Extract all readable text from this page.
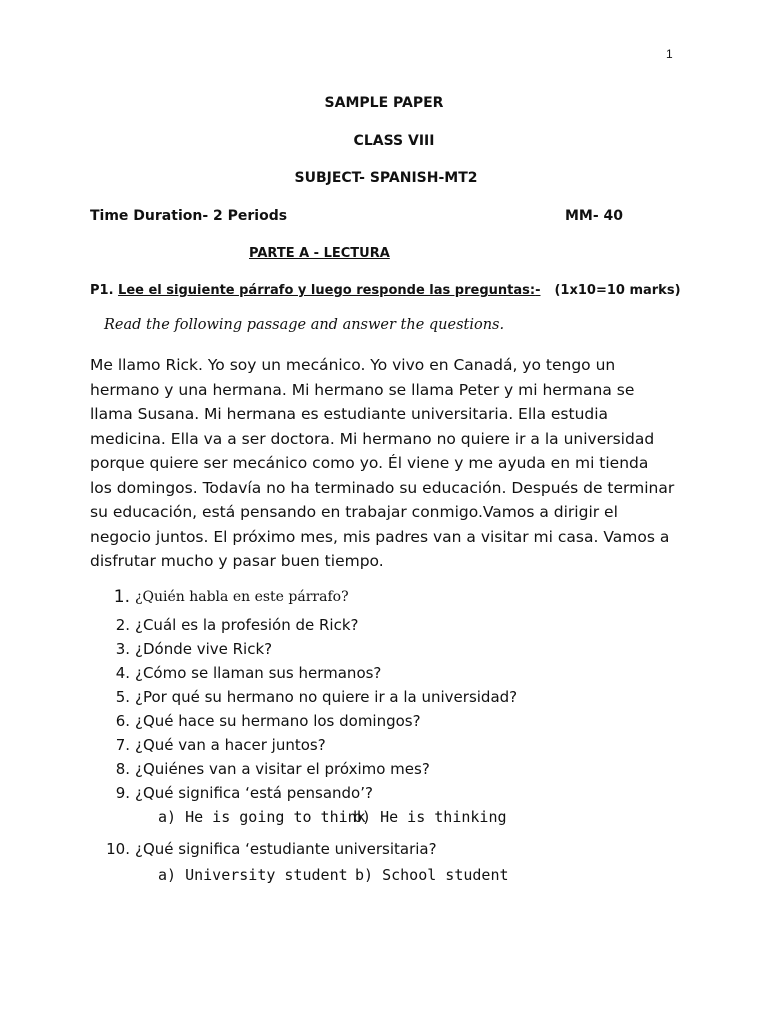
1
SAMPLE PAPER
CLASS VIII
SUBJECT- SPANISH-MT2
Time Duration- 2 Periods	MM- 40
PARTE A - LECTURA
P1. Lee el siguiente párrafo y luego responde las preguntas:- (1x10=10 marks)
Read the following passage and answer the questions.
Me llamo Rick. Yo soy un mecánico. Yo vivo en Canadá, yo tengo un
hermano y una hermana. Mi hermano se llama Peter y mi hermana se
llama Susana. Mi hermana es estudiante universitaria. Ella estudia
medicina. Ella va a ser doctora. Mi hermano no quiere ir a la universidad
porque quiere ser mecánico como yo. Él viene y me ayuda en mi tienda
los domingos. Todavía no ha terminado su educación. Después de terminar
su educación, está pensando en trabajar conmigo.Vamos a dirigir el
negocio juntos. El próximo mes, mis padres van a visitar mi casa. Vamos a
disfrutar mucho y pasar buen tiempo.
1. ¿Quién habla en este párrafo?
2. ¿Cuál es la profesión de Rick?
3. ¿Dónde vive Rick?
4. ¿Cómo se llaman sus hermanos?
5. ¿Por qué su hermano no quiere ir a la universidad?
6. ¿Qué hace su hermano los domingos?
7. ¿Qué van a hacer juntos?
8. ¿Quiénes van a visitar el próximo mes?
9. ¿Qué significa ‘está pensando’?
a) He is going to think
b) He is thinking
10. ¿Qué significa ‘estudiante universitaria?
a) University student b) School student
